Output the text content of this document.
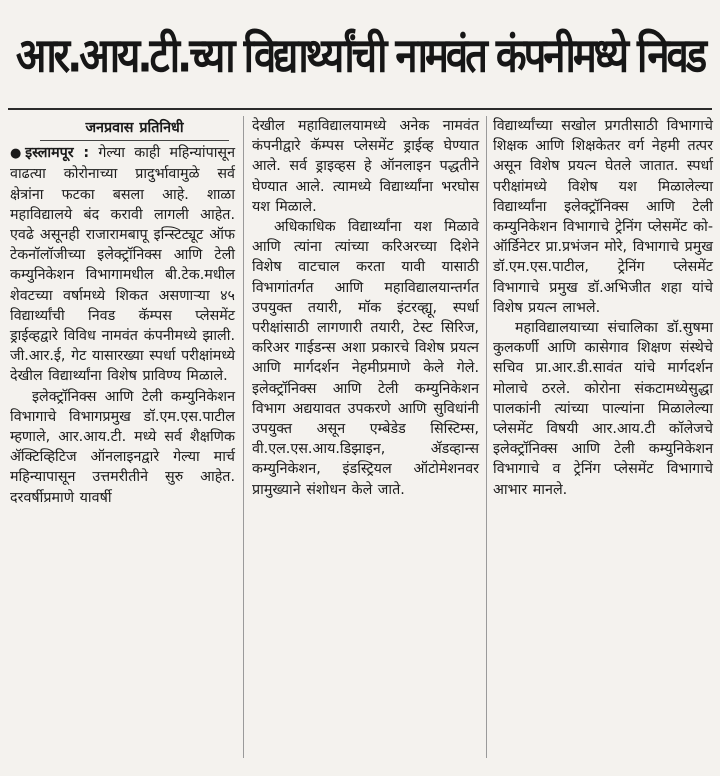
आर.आय.टी.च्या विद्यार्थ्यांची नामवंत कंपनीमध्ये निवड
जनप्रवास प्रतिनिधी

●इस्लामपूर : गेल्या काही महिन्यांपासून वाढत्या कोरोनाच्या प्रादुर्भावामुळे सर्व क्षेत्रांना फटका बसला आहे. शाळा महाविद्यालये बंद करावी लागली आहेत. एवढे असूनही राजारामबापू इन्स्टिट्यूट ऑफ टेकनॉलॉजीच्या इलेक्ट्रॉनिक्स आणि टेली कम्युनिकेशन विभागामधील बी.टेक.मधील शेवटच्या वर्षामध्ये शिकत असणाऱ्या ४५ विद्यार्थ्यांची निवड कॅम्पस प्लेसमेंट ड्राईव्हद्वारे विविध नामवंत कंपनीमध्ये झाली. जी.आर.ई, गेट यासारख्या स्पर्धा परीक्षांमध्ये देखील विद्यार्थ्यांना विशेष प्राविण्य मिळाले.

इलेक्ट्रॉनिक्स आणि टेली कम्युनिकेशन विभागाचे विभागप्रमुख डॉ.एम.एस.पाटील म्हणाले, आर.आय.टी. मध्ये सर्व शैक्षणिक ॲक्टिव्हिटिज ऑनलाइनद्वारे गेल्या मार्च महिन्यापासून उत्तमरीतीने सुरु आहेत. दरवर्षीप्रमाणे यावर्षी

देखील महाविद्यालयामध्ये अनेक नामवंत कंपनीद्वारे कॅम्पस प्लेसमेंट ड्राईव्ह घेण्यात आले. सर्व ड्राइव्हस हे ऑनलाइन पद्धतीने घेण्यात आले. त्यामध्ये विद्यार्थ्यांना भरघोस यश मिळाले.

अधिकाधिक विद्यार्थ्यांना यश मिळावे आणि त्यांना त्यांच्या करिअरच्या दिशेने विशेष वाटचाल करता यावी यासाठी विभागांतर्गत आणि महाविद्यालयान्तर्गत उपयुक्त तयारी, मॉक इंटरव्ह्यू, स्पर्धा परीक्षांसाठी लागणारी तयारी, टेस्ट सिरिज, करिअर गाईडन्स अशा प्रकारचे विशेष प्रयत्न आणि मार्गदर्शन नेहमीप्रमाणे केले गेले. इलेक्ट्रॉनिक्स आणि टेली कम्युनिकेशन विभाग अद्ययावत उपकरणे आणि सुविधांनी उपयुक्त असून एम्बेडेड सिस्टिम्स, वी.एल.एस.आय.डिझाइन, ॲडव्हान्स कम्युनिकेशन, इंडस्ट्रियल ऑटोमेशनवर प्रामुख्याने संशोधन केले जाते.

विद्यार्थ्यांच्या सखोल प्रगतीसाठी विभागाचे शिक्षक आणि शिक्षकेतर वर्ग नेहमी तत्पर असून विशेष प्रयत्न घेतले जातात. स्पर्धा परीक्षांमध्ये विशेष यश मिळालेल्या विद्यार्थ्यांना इलेक्ट्रॉनिक्स आणि टेली कम्युनिकेशन विभागाचे ट्रेनिंग प्लेसमेंट को-ऑर्डिनेटर प्रा.प्रभंजन मोरे, विभागाचे प्रमुख डॉ.एम.एस.पाटील, ट्रेनिंग प्लेसमेंट विभागाचे प्रमुख डॉ.अभिजीत शहा यांचे विशेष प्रयत्न लाभले.

महाविद्यालयाच्या संचालिका डॉ.सुषमा कुलकर्णी आणि कासेगाव शिक्षण संस्थेचे सचिव प्रा.आर.डी.सावंत यांचे मार्गदर्शन मोलाचे ठरले. कोरोना संकटामध्येसुद्धा पालकांनी त्यांच्या पाल्यांना मिळालेल्या प्लेसमेंट विषयी आर.आय.टी कॉलेजचे इलेक्ट्रॉनिक्स आणि टेली कम्युनिकेशन विभागाचे व ट्रेनिंग प्लेसमेंट विभागाचे आभार मानले.
